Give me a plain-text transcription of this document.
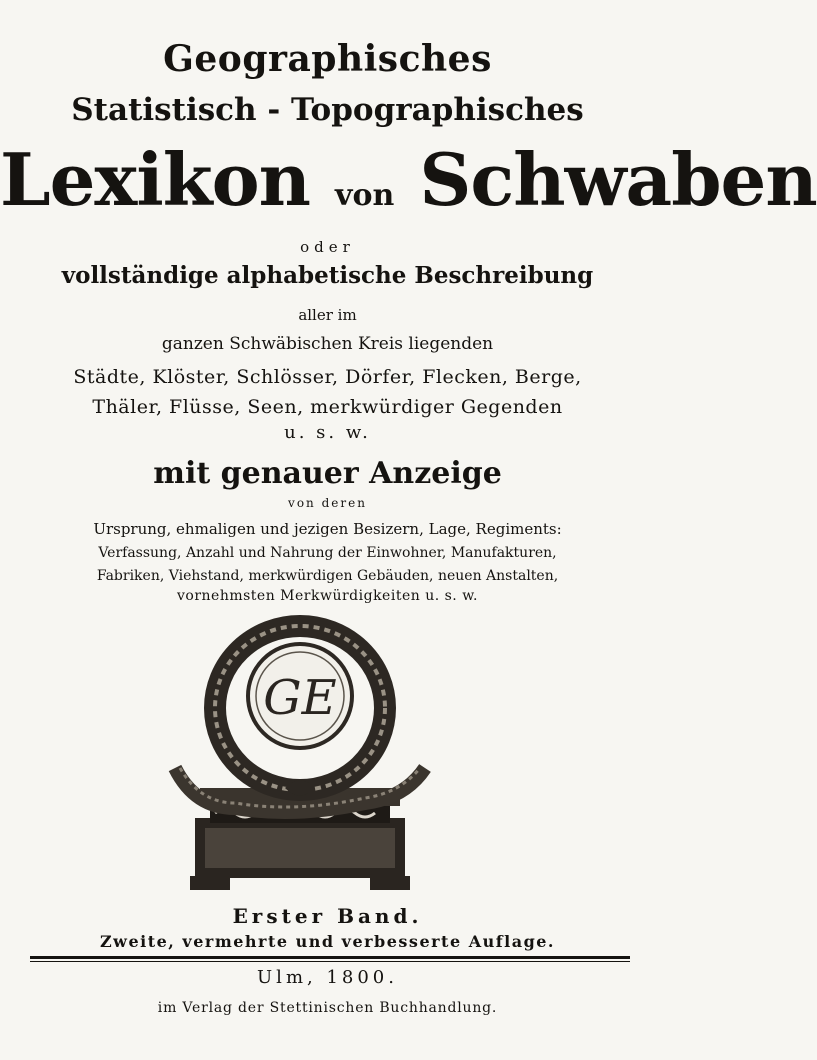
Geographisches
Statistisch - Topographisches
Lexikon von Schwaben
oder
vollständige alphabetische Beschreibung
aller im
ganzen Schwäbischen Kreis liegenden
Städte, Klöster, Schlösser, Dörfer, Flecken, Berge,
Thäler, Flüsse, Seen, merkwürdiger Gegenden
u. s. w.
mit genauer Anzeige
von deren
Ursprung, ehmaligen und jezigen Besizern, Lage, Regiments:
Verfassung, Anzahl und Nahrung der Einwohner, Manufakturen,
Fabriken, Viehstand, merkwürdigen Gebäuden, neuen Anstalten,
vornehmsten Merkwürdigkeiten u. s. w.
GE
Erster Band.
Zweite, vermehrte und verbesserte Auflage.
Ulm, 1800.
im Verlag der Stettinischen Buchhandlung.
